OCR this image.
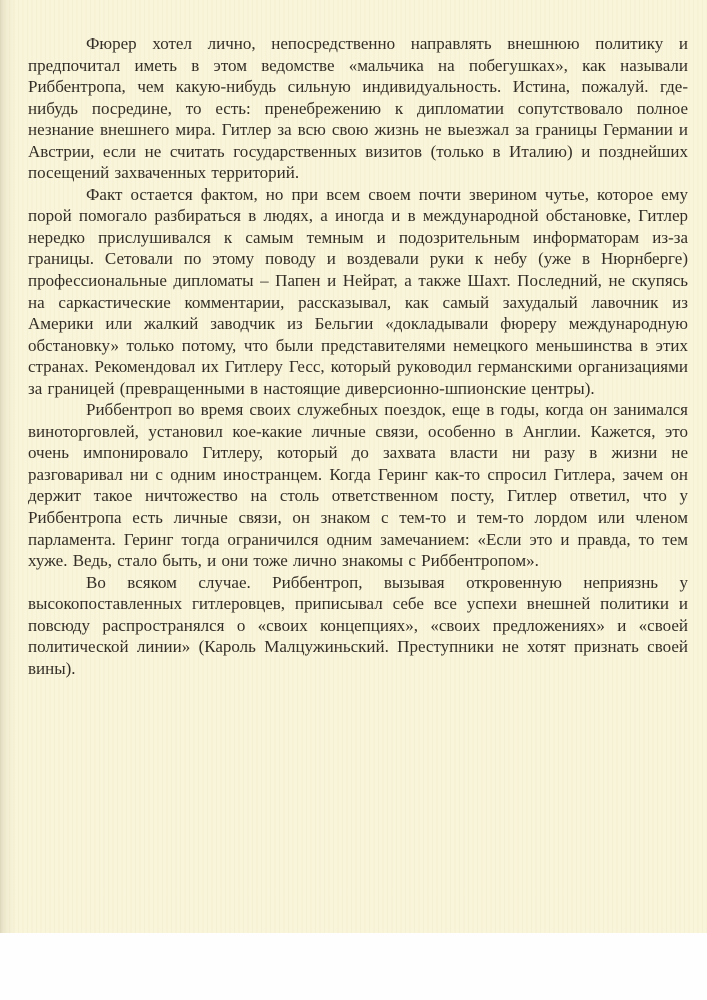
Фюрер хотел лично, непосредственно направлять внешнюю политику и предпочитал иметь в этом ведомстве «мальчика на побегушках», как называли Риббентропа, чем какую-нибудь сильную индивидуальность. Истина, пожалуй. где-нибудь посредине, то есть: пренебрежению к дипломатии сопутствовало полное незнание внешнего мира. Гитлер за всю свою жизнь не выезжал за границы Германии и Австрии, если не считать государственных визитов (только в Италию) и позднейших посещений захваченных территорий.

Факт остается фактом, но при всем своем почти зверином чутье, которое ему порой помогало разбираться в людях, а иногда и в международной обстановке, Гитлер нередко прислушивался к самым темным и подозрительным информаторам из-за границы. Сетовали по этому поводу и воздевали руки к небу (уже в Нюрнберге) профессиональные дипломаты – Папен и Нейрат, а также Шахт. Последний, не скупясь на саркастические комментарии, рассказывал, как самый захудалый лавочник из Америки или жалкий заводчик из Бельгии «докладывали фюреру международную обстановку» только потому, что были представителями немецкого меньшинства в этих странах. Рекомендовал их Гитлеру Гесс, который руководил германскими организациями за границей (превращенными в настоящие диверсионно-шпионские центры).

Риббентроп во время своих служебных поездок, еще в годы, когда он занимался виноторговлей, установил кое-какие личные связи, особенно в Англии. Кажется, это очень импонировало Гитлеру, который до захвата власти ни разу в жизни не разговаривал ни с одним иностранцем. Когда Геринг как-то спросил Гитлера, зачем он держит такое ничтожество на столь ответственном посту, Гитлер ответил, что у Риббентропа есть личные связи, он знаком с тем-то и тем-то лордом или членом парламента. Геринг тогда ограничился одним замечанием: «Если это и правда, то тем хуже. Ведь, стало быть, и они тоже лично знакомы с Риббентропом».

Во всяком случае. Риббентроп, вызывая откровенную неприязнь у высокопоставленных гитлеровцев, приписывал себе все успехи внешней политики и повсюду распространялся о «своих концепциях», «своих предложениях» и «своей политической линии» (Кароль Малцужиньский. Преступники не хотят признать своей вины).
